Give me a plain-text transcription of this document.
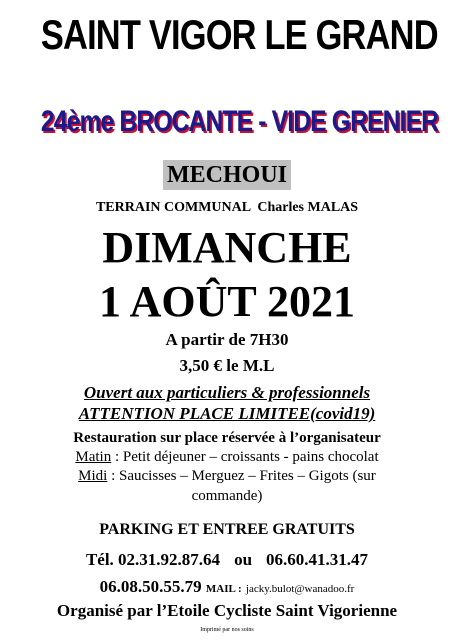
SAINT VIGOR LE GRAND
24ème BROCANTE - VIDE GRENIER
MECHOUI
TERRAIN COMMUNAL  Charles MALAS
DIMANCHE
1 AOÛT 2021
A partir de 7H30
3,50 € le M.L
Ouvert aux particuliers & professionnels
ATTENTION PLACE LIMITEE(covid19)
Restauration sur place réservée à l’organisateur
Matin : Petit déjeuner – croissants - pains chocolat
Midi : Saucisses – Merguez – Frites – Gigots (sur commande)
PARKING ET ENTREE GRATUITS
Tél. 02.31.92.87.64 ou 06.60.41.31.47
06.08.50.55.79 MAIL : jacky.bulot@wanadoo.fr
Organisé par l’Etoile Cycliste Saint Vigorienne
Imprimé par nos soins
